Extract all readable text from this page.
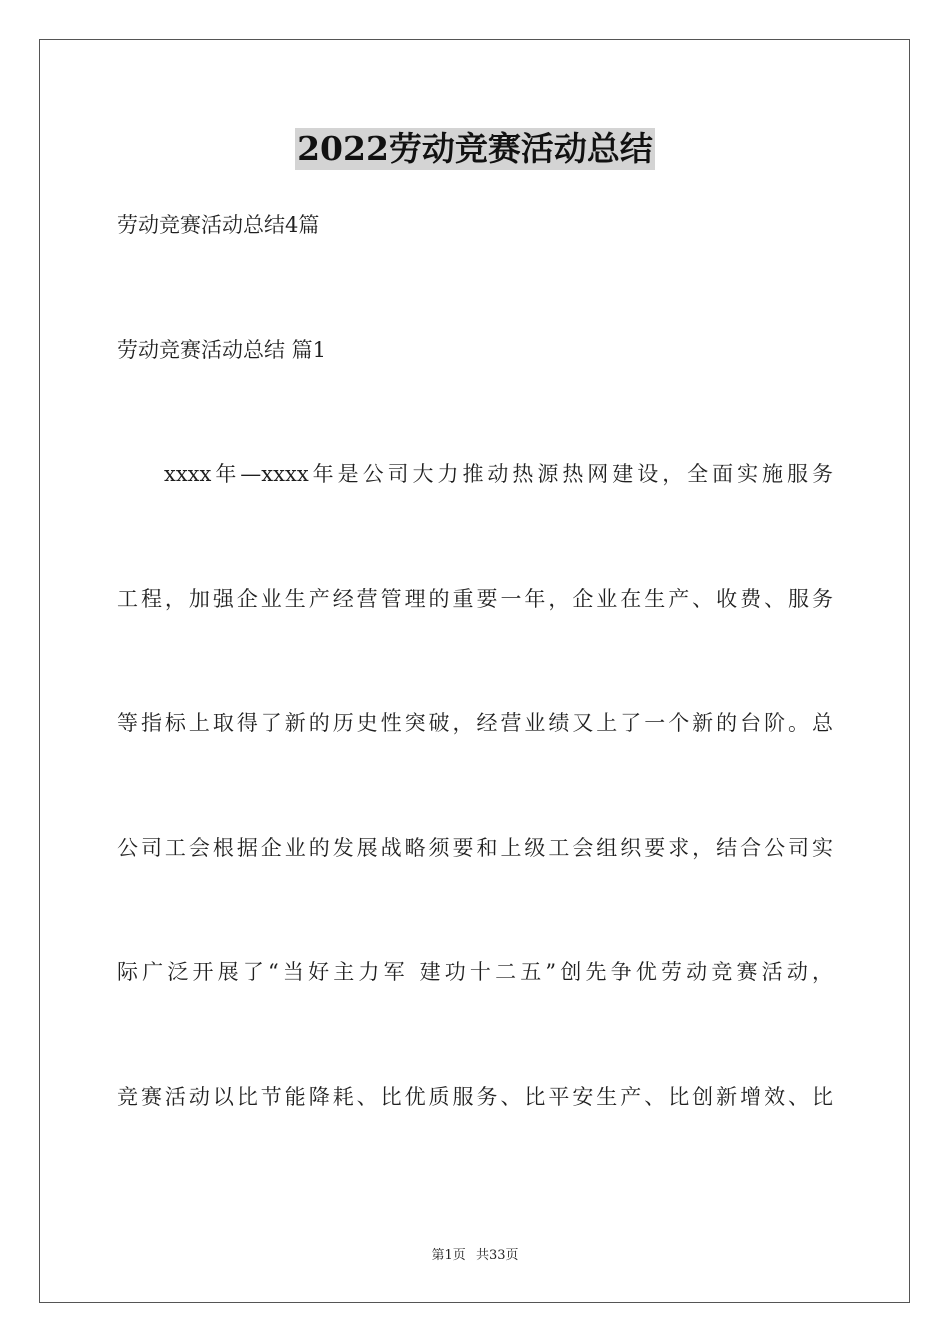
2022劳动竞赛活动总结
劳动竞赛活动总结4篇
劳动竞赛活动总结 篇1
xxxx年—xxxx年是公司大力推动热源热网建设，全面实施服务
工程，加强企业生产经营管理的重要一年，企业在生产、收费、服务
等指标上取得了新的历史性突破，经营业绩又上了一个新的台阶。总
公司工会根据企业的发展战略须要和上级工会组织要求，结合公司实
际广泛开展了“当好主力军 建功十二五”创先争优劳动竞赛活动，
竞赛活动以比节能降耗、比优质服务、比平安生产、比创新增效、比
第1页 共33页
